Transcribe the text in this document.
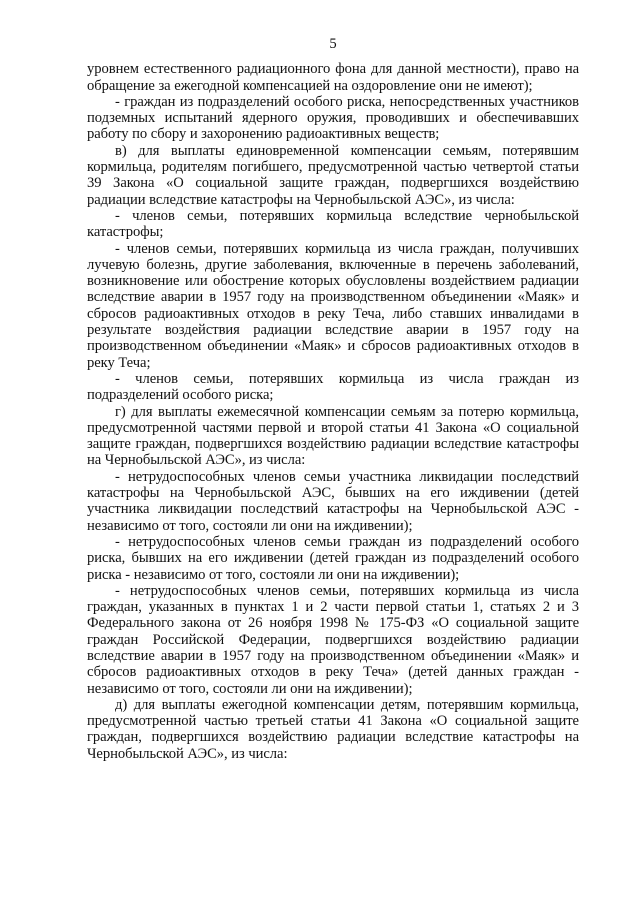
5

уровнем естественного радиационного фона для данной местности), право на обращение за ежегодной компенсацией на оздоровление они не имеют);

- граждан из подразделений особого риска, непосредственных участников подземных испытаний ядерного оружия, проводивших и обеспечивавших работу по сбору и захоронению радиоактивных веществ;

в) для выплаты единовременной компенсации семьям, потерявшим кормильца, родителям погибшего, предусмотренной частью четвертой статьи 39 Закона «О социальной защите граждан, подвергшихся воздействию радиации вследствие катастрофы на Чернобыльской АЭС», из числа:

- членов семьи, потерявших кормильца вследствие чернобыльской катастрофы;

- членов семьи, потерявших кормильца из числа граждан, получивших лучевую болезнь, другие заболевания, включенные в перечень заболеваний, возникновение или обострение которых обусловлены воздействием радиации вследствие аварии в 1957 году на производственном объединении «Маяк» и сбросов радиоактивных отходов в реку Теча, либо ставших инвалидами в результате воздействия радиации вследствие аварии в 1957 году на производственном объединении «Маяк» и сбросов радиоактивных отходов в реку Теча;

- членов семьи, потерявших кормильца из числа граждан из подразделений особого риска;

г) для выплаты ежемесячной компенсации семьям за потерю кормильца, предусмотренной частями первой и второй статьи 41 Закона «О социальной защите граждан, подвергшихся воздействию радиации вследствие катастрофы на Чернобыльской АЭС», из числа:

- нетрудоспособных членов семьи участника ликвидации последствий катастрофы на Чернобыльской АЭС, бывших на его иждивении (детей участника ликвидации последствий катастрофы на Чернобыльской АЭС - независимо от того, состояли ли они на иждивении);

- нетрудоспособных членов семьи граждан из подразделений особого риска, бывших на его иждивении (детей граждан из подразделений особого риска - независимо от того, состояли ли они на иждивении);

- нетрудоспособных членов семьи, потерявших кормильца из числа граждан, указанных в пунктах 1 и 2 части первой статьи 1, статьях 2 и 3 Федерального закона от 26 ноября 1998 № 175-ФЗ «О социальной защите граждан Российской Федерации, подвергшихся воздействию радиации вследствие аварии в 1957 году на производственном объединении «Маяк» и сбросов радиоактивных отходов в реку Теча» (детей данных граждан - независимо от того, состояли ли они на иждивении);

д) для выплаты ежегодной компенсации детям, потерявшим кормильца, предусмотренной частью третьей статьи 41 Закона «О социальной защите граждан, подвергшихся воздействию радиации вследствие катастрофы на Чернобыльской АЭС», из числа:
